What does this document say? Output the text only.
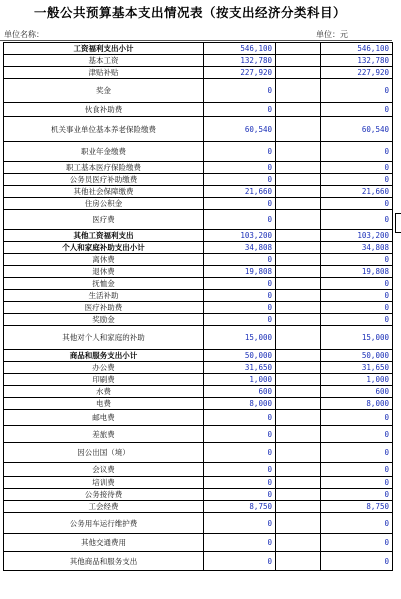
一般公共预算基本支出情况表（按支出经济分类科目）
单位名称：	单位：元
工资福利支出小计	546,100		546,100
基本工资	132,780		132,780
津贴补贴	227,920		227,920
奖金	0		0
伙食补助费	0		0
机关事业单位基本养老保险缴费	60,540		60,540
职业年金缴费	0		0
职工基本医疗保险缴费	0		0
公务员医疗补助缴费	0		0
其他社会保障缴费	21,660		21,660
住房公积金	0		0
医疗费	0		0
其他工资福利支出	103,200		103,200
个人和家庭补助支出小计	34,808		34,808
离休费	0		0
退休费	19,808		19,808
抚恤金	0		0
生活补助	0		0
医疗补助费	0		0
奖励金	0		0
其他对个人和家庭的补助	15,000		15,000
商品和服务支出小计	50,000		50,000
办公费	31,650		31,650
印刷费	1,000		1,000
水费	600		600
电费	8,000		8,000
邮电费	0		0
差旅费	0		0
因公出国（境）	0		0
会议费	0		0
培训费	0		0
公务接待费	0		0
工会经费	8,750		8,750
公务用车运行维护费	0		0
其他交通费用	0		0
其他商品和服务支出	0		0
